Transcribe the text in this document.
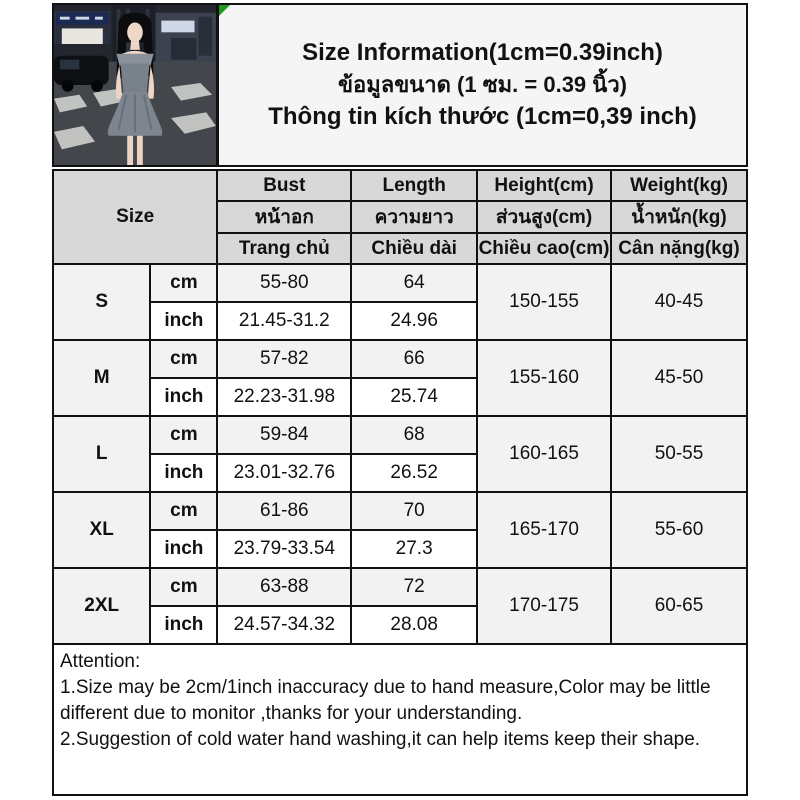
Size Information(1cm=0.39inch)
ข้อมูลขนาด (1 ซม. = 0.39 นิ้ว)
Thông tin kích thước (1cm=0,39 inch)
Size		Bust	Length	Height(cm)	Weight(kg)
		หน้าอก	ความยาว	ส่วนสูง(cm)	น้ำหนัก(kg)
		Trang chủ	Chiều dài	Chiều cao(cm)	Cân nặng(kg)
S	cm	55-80	64	150-155	40-45
	inch	21.45-31.2	24.96		
M	cm	57-82	66	155-160	45-50
	inch	22.23-31.98	25.74		
L	cm	59-84	68	160-165	50-55
	inch	23.01-32.76	26.52		
XL	cm	61-86	70	165-170	55-60
	inch	23.79-33.54	27.3		
2XL	cm	63-88	72	170-175	60-65
	inch	24.57-34.32	28.08		

Attention:

1.Size may be 2cm/1inch inaccuracy due to hand measure,Color may be little different due to monitor ,thanks for your understanding.

2.Suggestion of cold water hand washing,it can help items keep their shape.
